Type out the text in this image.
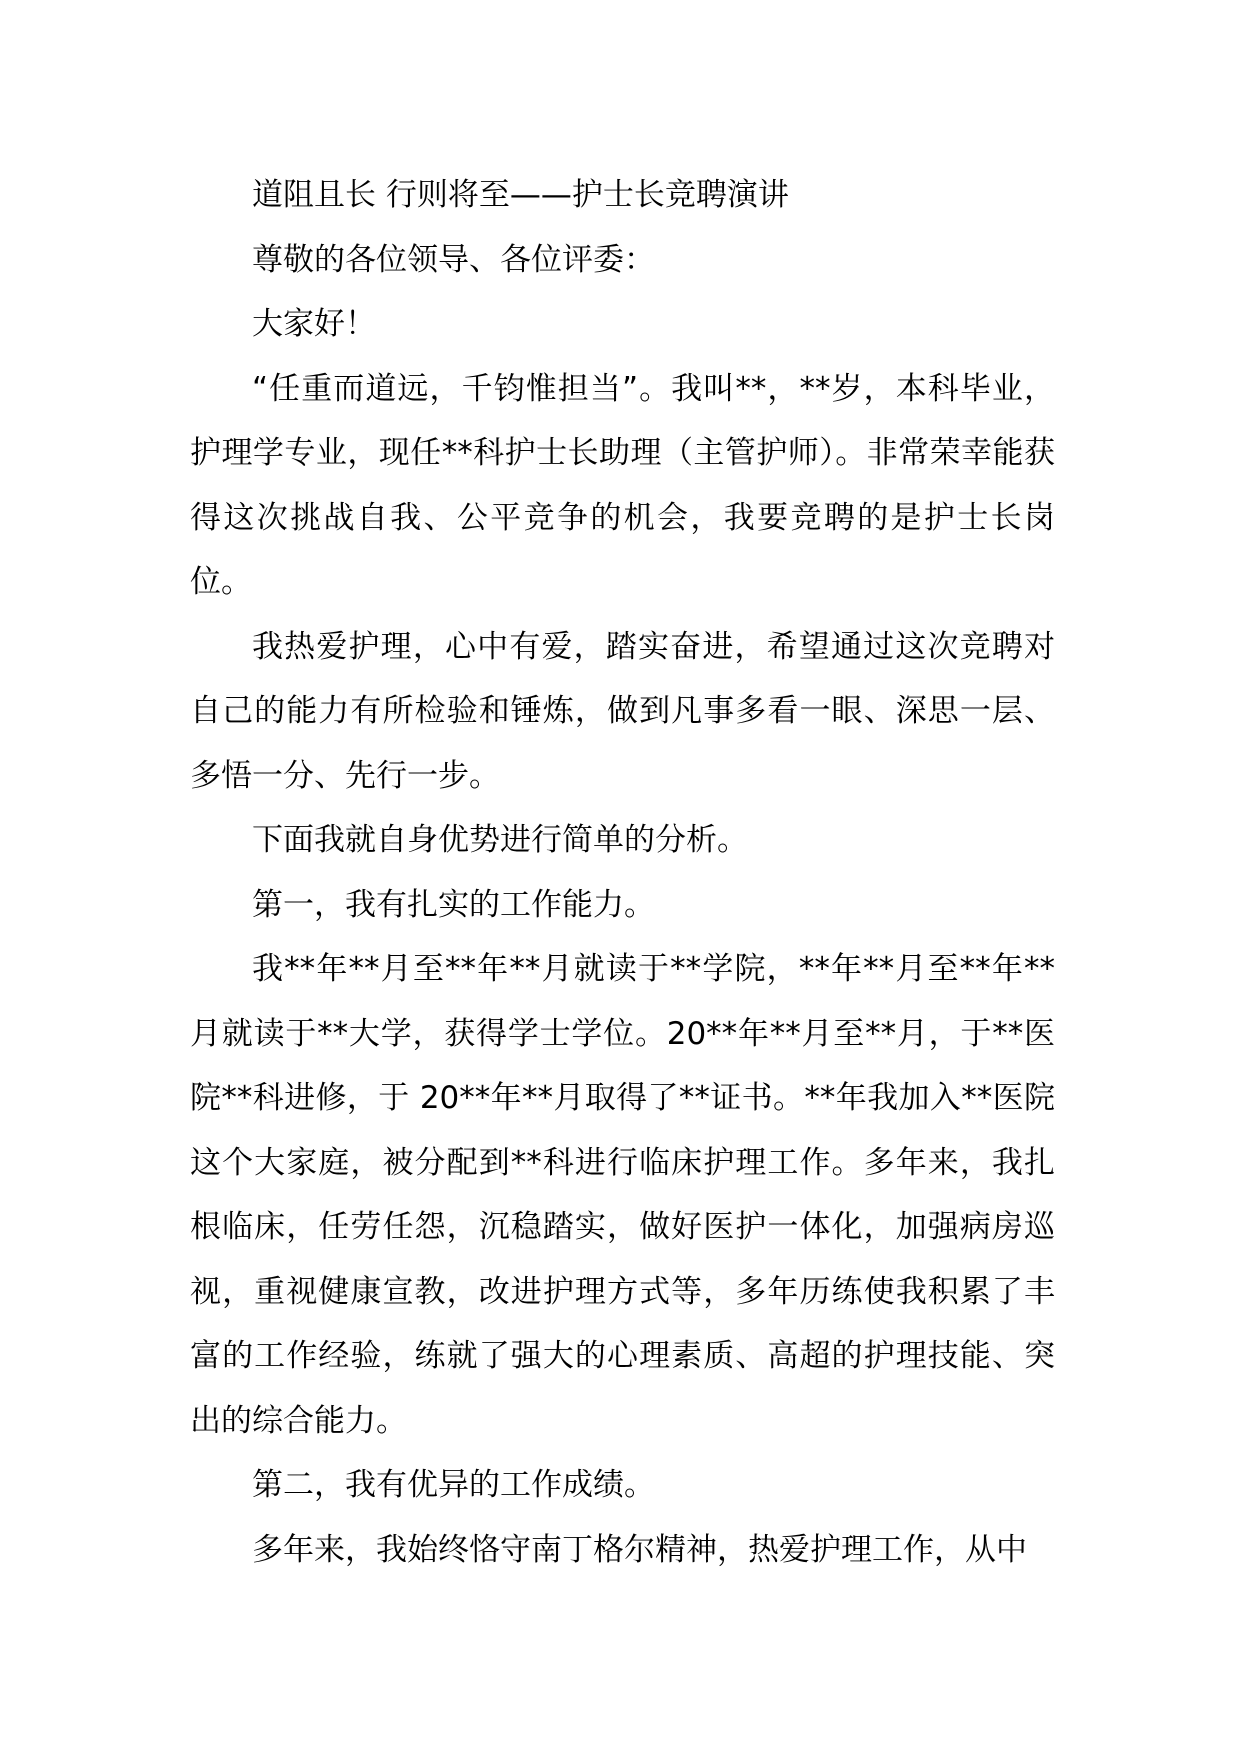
道阻且长 行则将至——护士长竞聘演讲

尊敬的各位领导、各位评委：

大家好！

“任重而道远，千钧惟担当”。我叫**，**岁，本科毕业，护理学专业，现任**科护士长助理（主管护师）。非常荣幸能获得这次挑战自我、公平竞争的机会，我要竞聘的是护士长岗位。

我热爱护理，心中有爱，踏实奋进，希望通过这次竞聘对自己的能力有所检验和锤炼，做到凡事多看一眼、深思一层、多悟一分、先行一步。

下面我就自身优势进行简单的分析。

第一，我有扎实的工作能力。

我**年**月至**年**月就读于**学院，**年**月至**年**月就读于**大学，获得学士学位。20**年**月至**月，于**医院**科进修，于 20**年**月取得了**证书。**年我加入**医院这个大家庭，被分配到**科进行临床护理工作。多年来，我扎根临床，任劳任怨，沉稳踏实，做好医护一体化，加强病房巡视，重视健康宣教，改进护理方式等，多年历练使我积累了丰富的工作经验，练就了强大的心理素质、高超的护理技能、突出的综合能力。

第二，我有优异的工作成绩。

多年来，我始终恪守南丁格尔精神，热爱护理工作，从中
